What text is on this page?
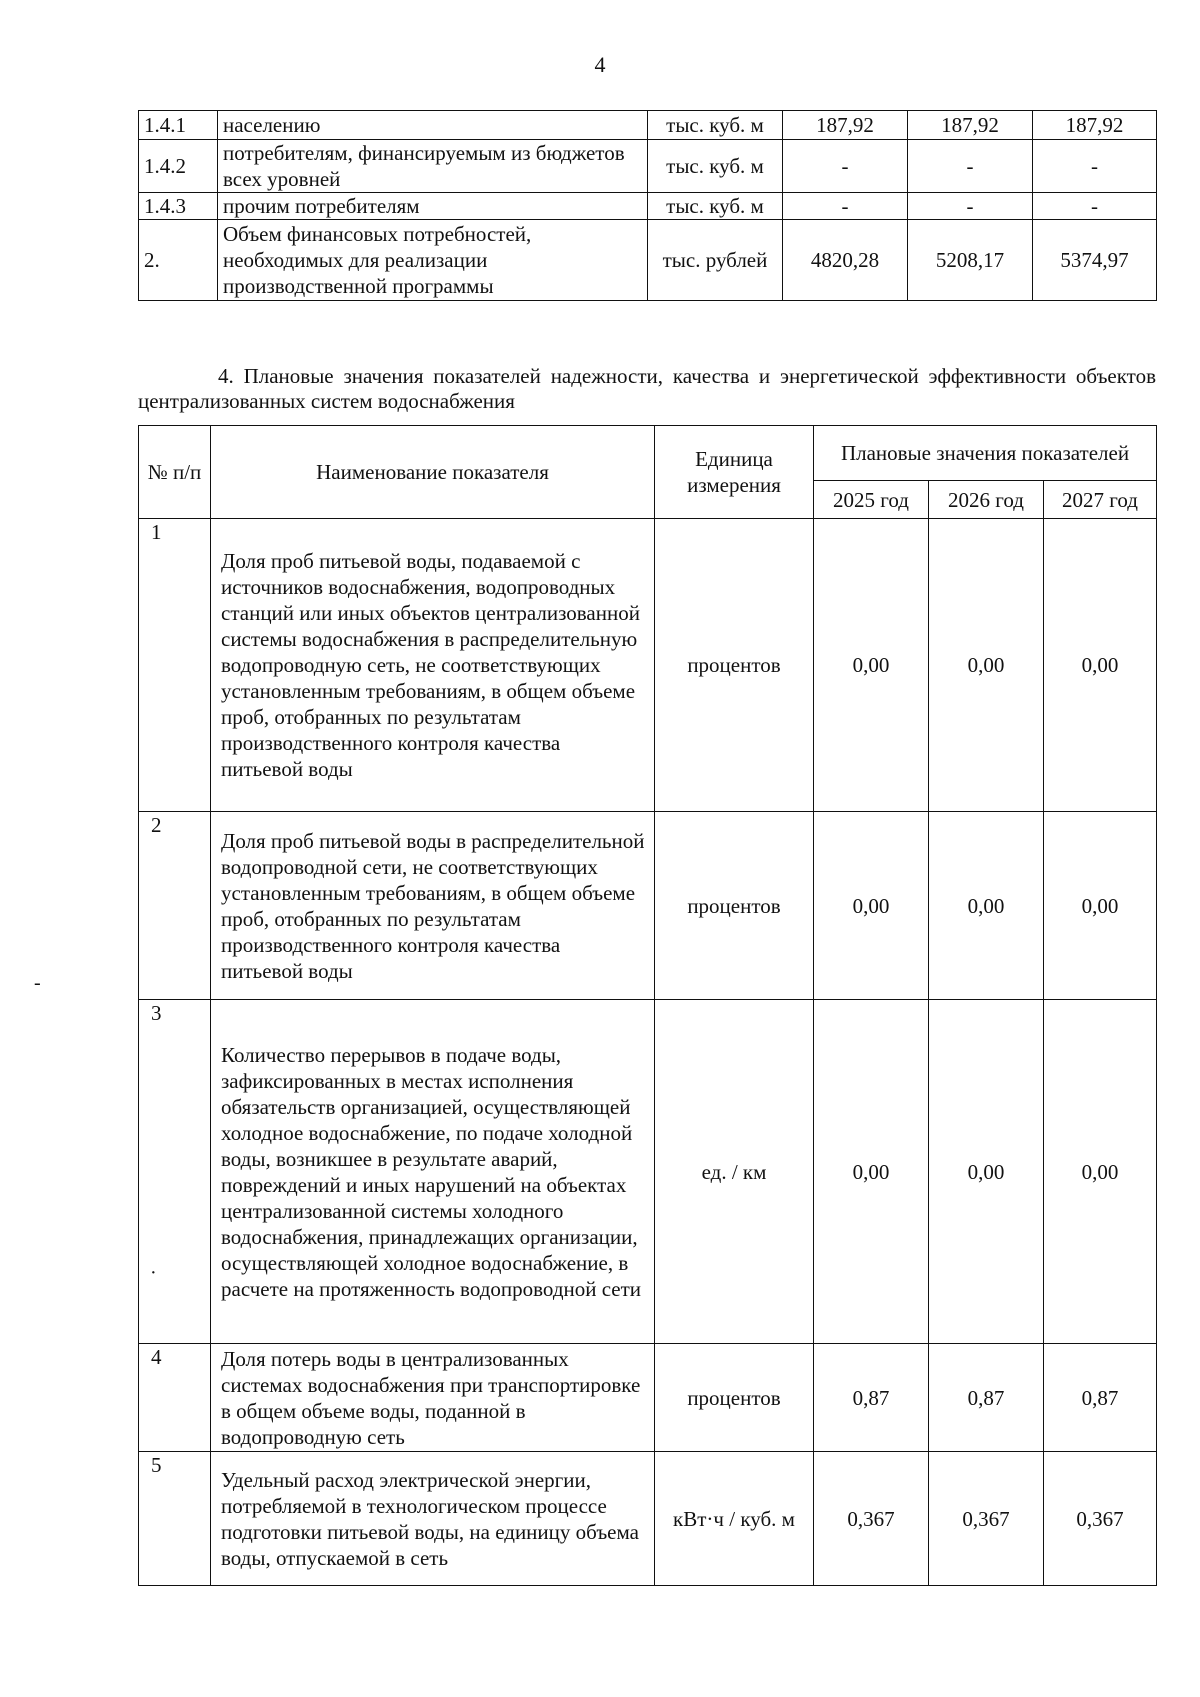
4
1.4.1	населению	тыс. куб. м	187,92	187,92	187,92
1.4.2	потребителям, финансируемым из бюджетов всех уровней	тыс. куб. м	-	-	-
1.4.3	прочим потребителям	тыс. куб. м	-	-	-
2.	Объем финансовых потребностей, необходимых для реализации производственной программы	тыс. рублей	4820,28	5208,17	5374,97
4. Плановые значения показателей надежности, качества и энергетической эффективности объектов централизованных систем водоснабжения
№ п/п	Наименование показателя	Единица измерения	Плановые значения показателей		
			2025 год	2026 год	2027 год
1	Доля проб питьевой воды, подаваемой с источников водоснабжения, водопроводных станций или иных объектов централизованной системы водоснабжения в распределительную водопроводную сеть, не соответствующих установленным требованиям, в общем объеме проб, отобранных по результатам производственного контроля качества питьевой воды	процентов	0,00	0,00	0,00
2	Доля проб питьевой воды в распределительной водопроводной сети, не соответствующих установленным требованиям, в общем объеме проб, отобранных по результатам производственного контроля качества питьевой воды	процентов	0,00	0,00	0,00
3	Количество перерывов в подаче воды, зафиксированных в местах исполнения обязательств организацией, осуществляющей холодное водоснабжение, по подаче холодной воды, возникшее в результате аварий, повреждений и иных нарушений на объектах централизованной системы холодного водоснабжения, принадлежащих организации, осуществляющей холодное водоснабжение, в расчете на протяженность водопроводной сети	ед. / км	0,00	0,00	0,00
4	Доля потерь воды в централизованных системах водоснабжения при транспортировке в общем объеме воды, поданной в водопроводную сеть	процентов	0,87	0,87	0,87
5	Удельный расход электрической энергии, потребляемой в технологическом процессе подготовки питьевой воды, на единицу объема воды, отпускаемой в сеть	кВт·ч / куб. м	0,367	0,367	0,367
-
·
